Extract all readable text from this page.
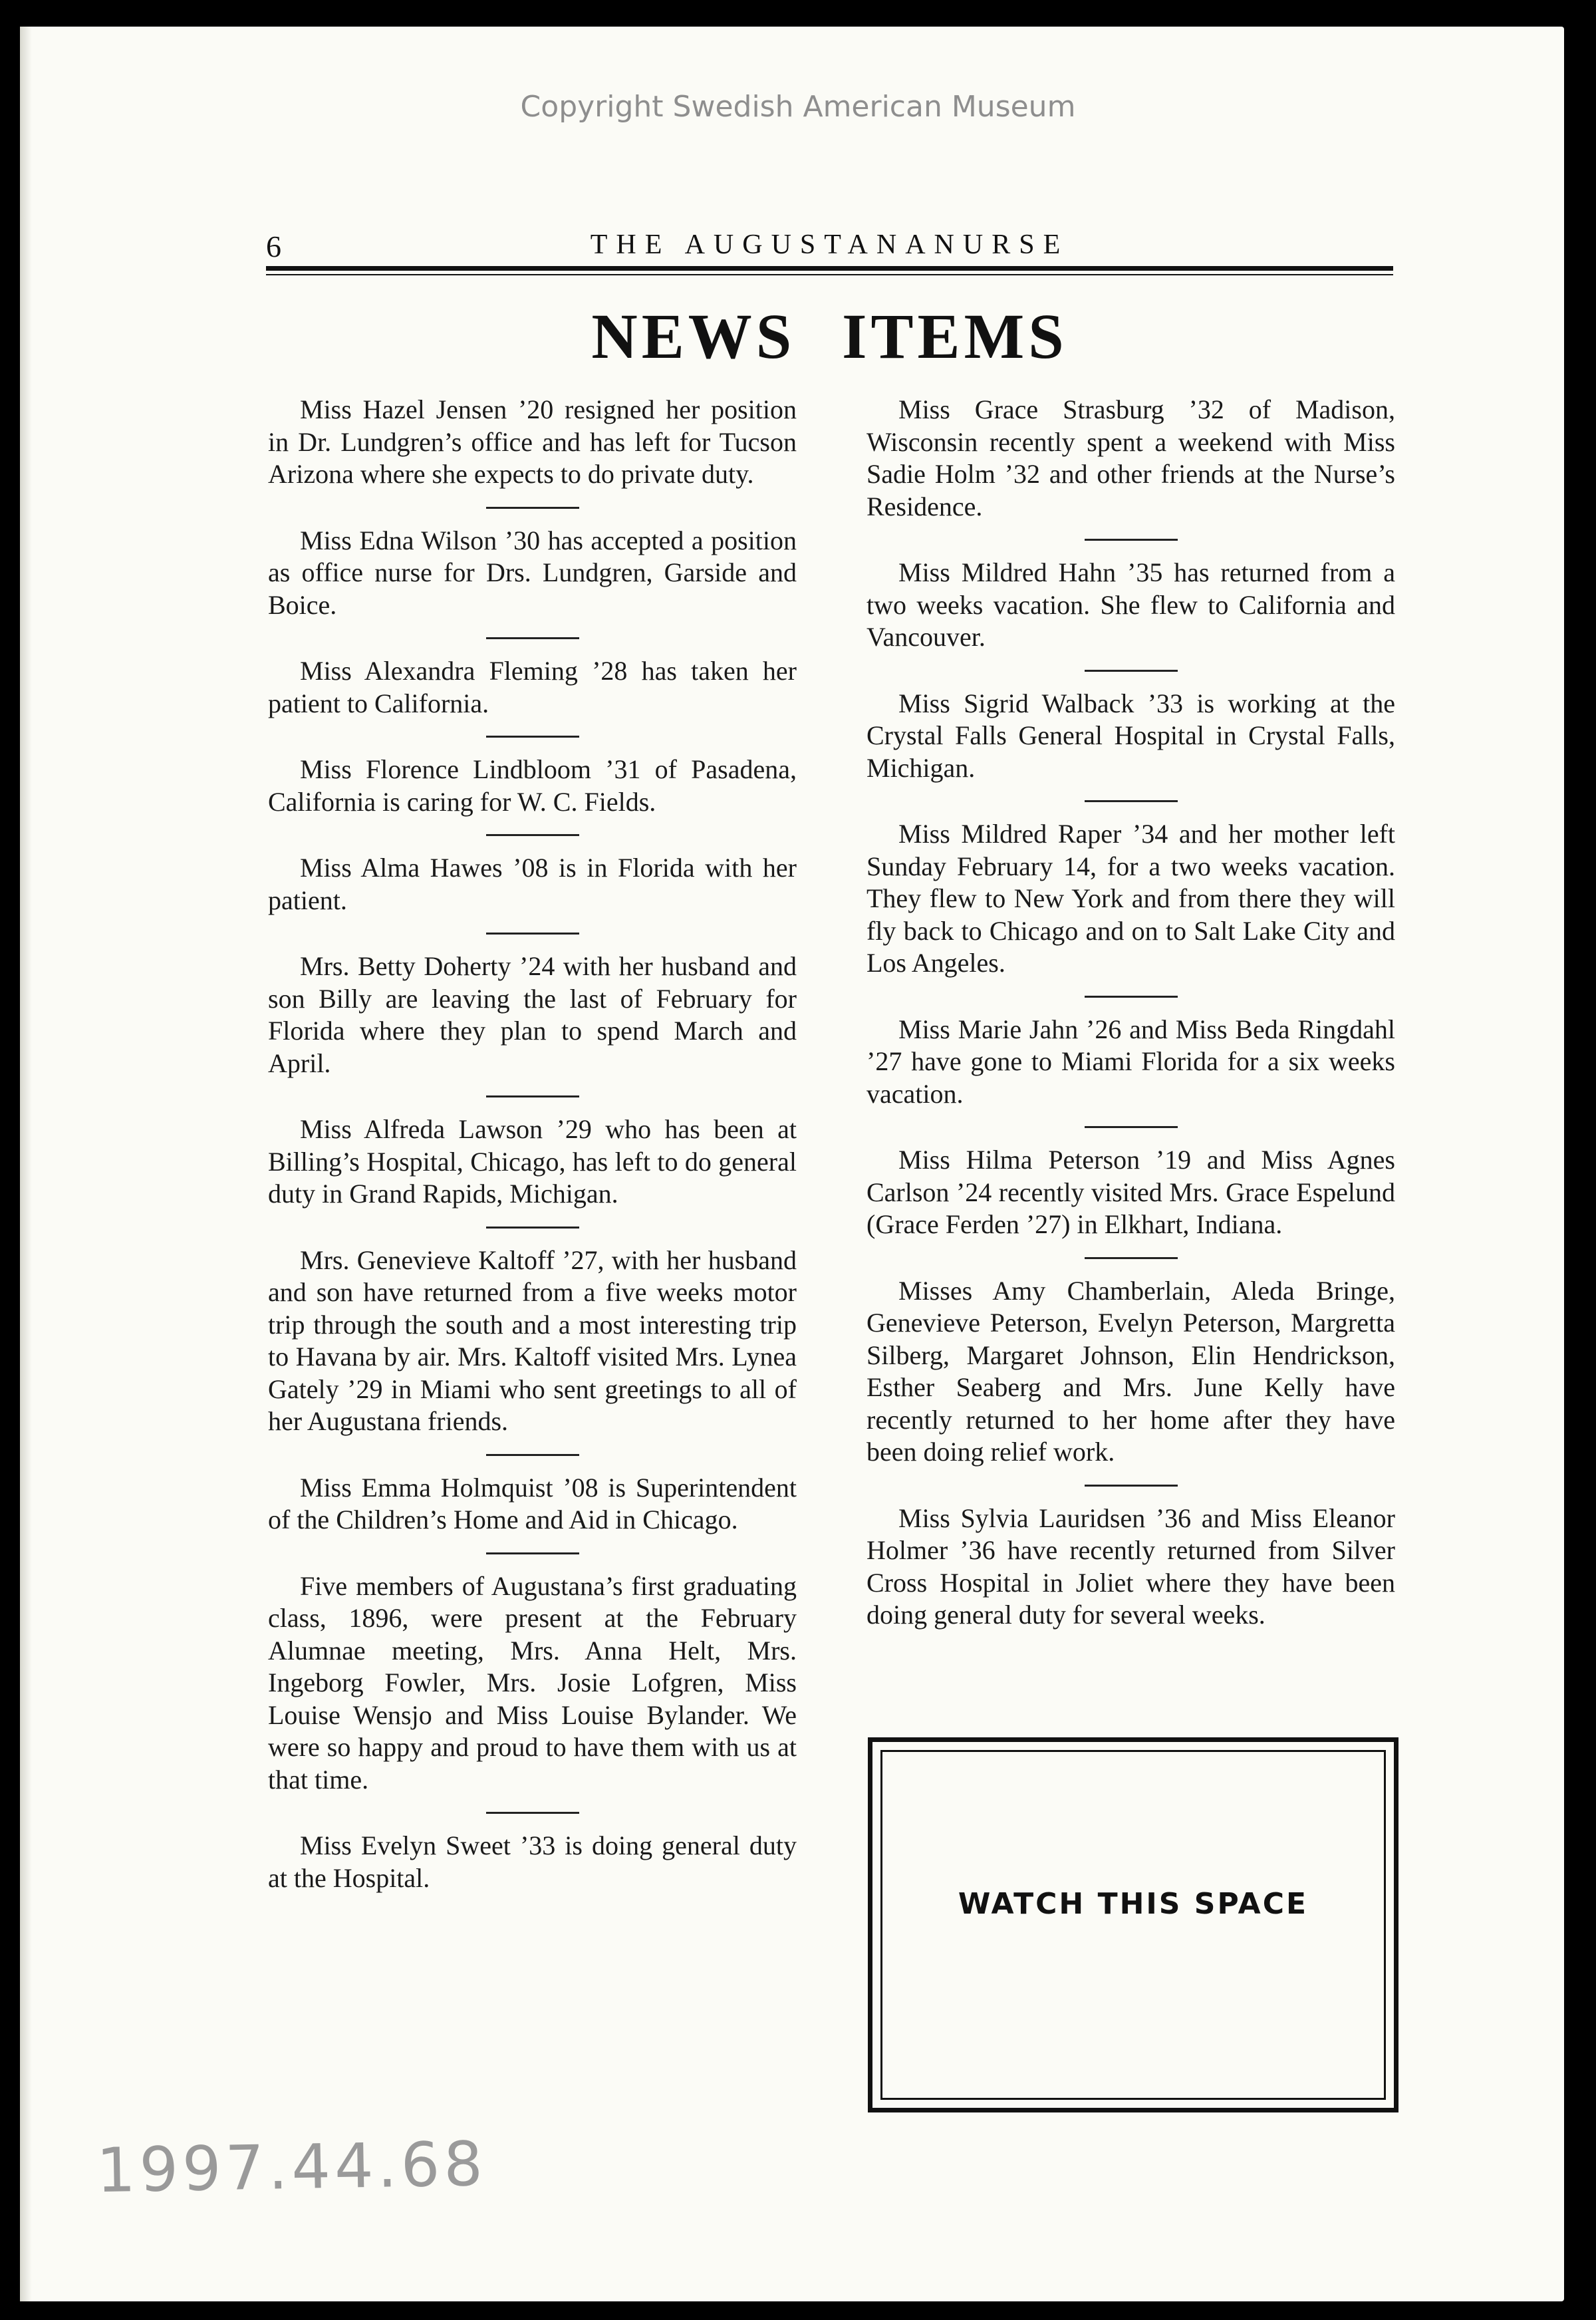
Copyright Swedish American Museum
6	THE AUGUSTANANURSE
NEWS ITEMS

Miss Hazel Jensen ’20 resigned her position in Dr. Lundgren’s office and has left for Tucson Arizona where she expects to do private duty.

Miss Edna Wilson ’30 has accepted a position as office nurse for Drs. Lundgren, Garside and Boice.

Miss Alexandra Fleming ’28 has taken her patient to California.

Miss Florence Lindbloom ’31 of Pasadena, California is caring for W. C. Fields.

Miss Alma Hawes ’08 is in Florida with her patient.

Mrs. Betty Doherty ’24 with her husband and son Billy are leaving the last of February for Florida where they plan to spend March and April.

Miss Alfreda Lawson ’29 who has been at Billing’s Hospital, Chicago, has left to do general duty in Grand Rapids, Michigan.

Mrs. Genevieve Kaltoff ’27, with her husband and son have returned from a five weeks motor trip through the south and a most interesting trip to Havana by air. Mrs. Kaltoff visited Mrs. Lynea Gately ’29 in Miami who sent greetings to all of her Augustana friends.

Miss Emma Holmquist ’08 is Superintendent of the Children’s Home and Aid in Chicago.

Five members of Augustana’s first graduating class, 1896, were present at the February Alumnae meeting, Mrs. Anna Helt, Mrs. Ingeborg Fowler, Mrs. Josie Lofgren, Miss Louise Wensjo and Miss Louise Bylander. We were so happy and proud to have them with us at that time.

Miss Evelyn Sweet ’33 is doing general duty at the Hospital.

Miss Grace Strasburg ’32 of Madison, Wisconsin recently spent a weekend with Miss Sadie Holm ’32 and other friends at the Nurse’s Residence.

Miss Mildred Hahn ’35 has returned from a two weeks vacation. She flew to California and Vancouver.

Miss Sigrid Walback ’33 is working at the Crystal Falls General Hospital in Crystal Falls, Michigan.

Miss Mildred Raper ’34 and her mother left Sunday February 14, for a two weeks vacation. They flew to New York and from there they will fly back to Chicago and on to Salt Lake City and Los Angeles.

Miss Marie Jahn ’26 and Miss Beda Ringdahl ’27 have gone to Miami Florida for a six weeks vacation.

Miss Hilma Peterson ’19 and Miss Agnes Carlson ’24 recently visited Mrs. Grace Espelund (Grace Ferden ’27) in Elkhart, Indiana.

Misses Amy Chamberlain, Aleda Bringe, Genevieve Peterson, Evelyn Peterson, Margretta Silberg, Margaret Johnson, Elin Hendrickson, Esther Seaberg and Mrs. June Kelly have recently returned to her home after they have been doing relief work.

Miss Sylvia Lauridsen ’36 and Miss Eleanor Holmer ’36 have recently returned from Silver Cross Hospital in Joliet where they have been doing general duty for several weeks.

WATCH THIS SPACE
1997.44.68
